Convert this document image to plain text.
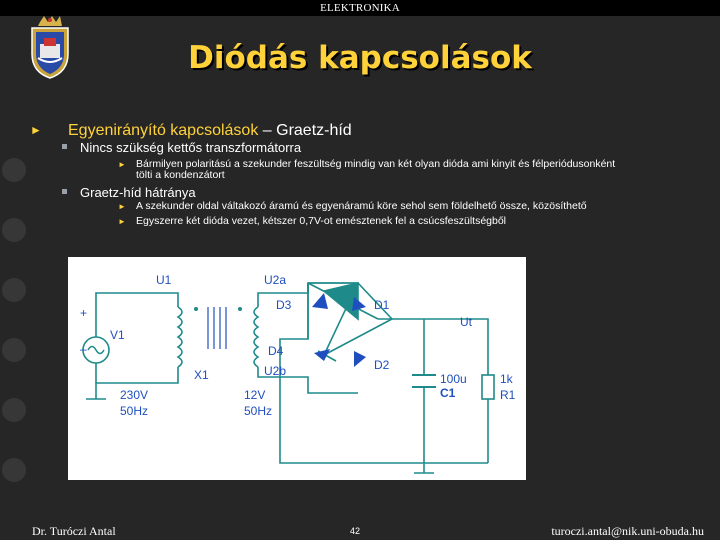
ELEKTRONIKA
Diódás kapcsolások
► Egyenirányító kapcsolások – Graetz-híd
Nincs szükség kettős transzformátorra
► Bármilyen polaritású a szekunder feszültség mindig van két olyan dióda ami kinyit és félperiódusonként
tölti a kondenzátort
Graetz-híd hátránya
► A szekunder oldal váltakozó áramú és egyenáramú köre sehol sem földelhető össze, közösíthető
► Egyszerre két dióda vezet, kétszer 0,7V-ot emésztenek fel a csúcsfeszültségből
U1	U2a
+
–
V1
X1	U2b
D3	D1
D4
D2
Ut
100u
C1
1k
R1
230V
50Hz
12V
50Hz
Dr. Turóczi Antal	42	turoczi.antal@nik.uni-obuda.hu
